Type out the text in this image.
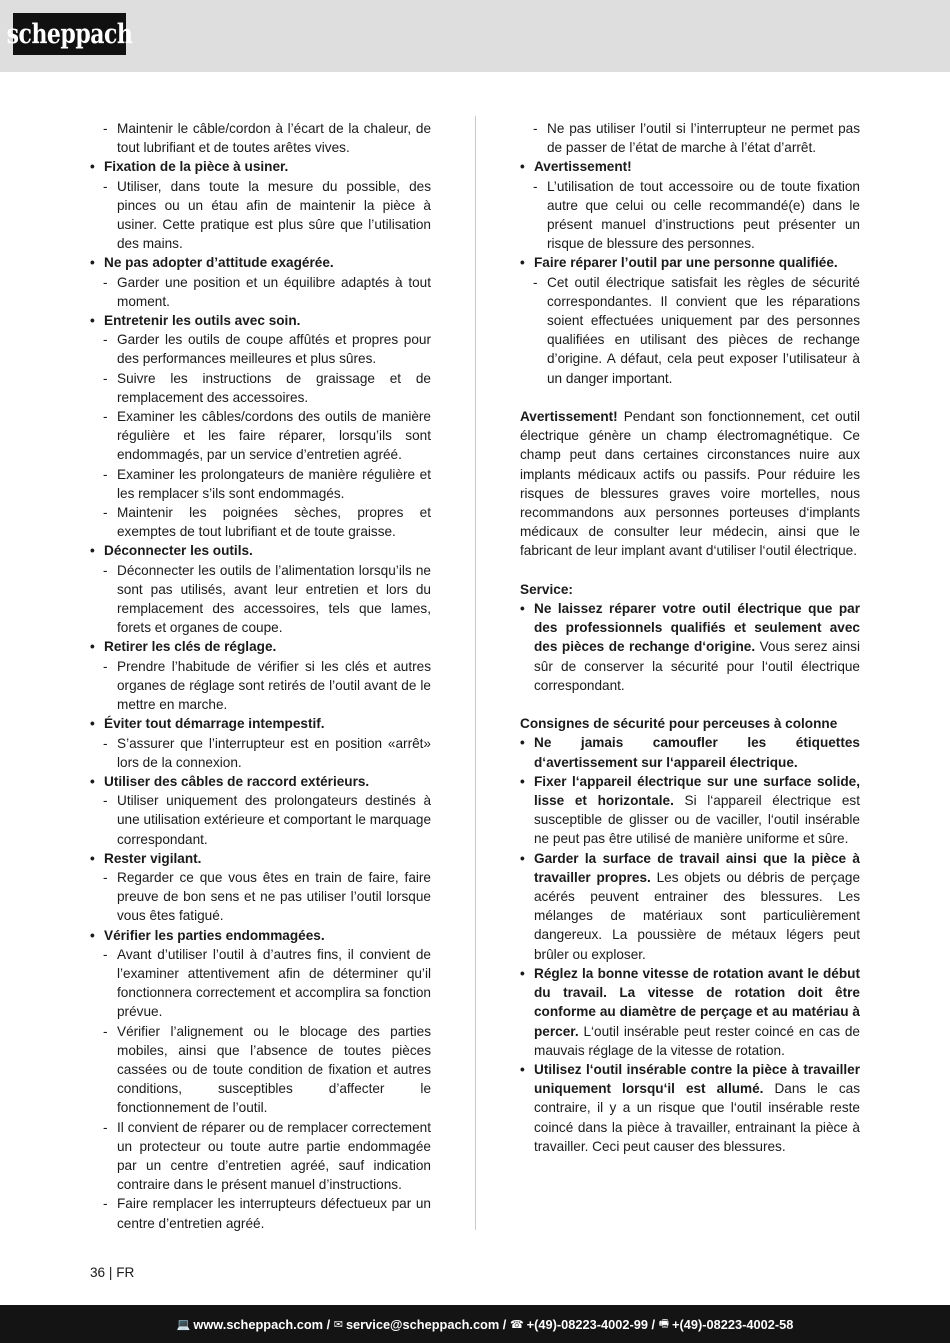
scheppach
- Maintenir le câble/cordon à l’écart de la chaleur, de tout lubrifiant et de toutes arêtes vives.
• Fixation de la pièce à usiner.
- Utiliser, dans toute la mesure du possible, des pinces ou un étau afin de maintenir la pièce à usiner. Cette pratique est plus sûre que l’utilisation des mains.
• Ne pas adopter d’attitude exagérée.
- Garder une position et un équilibre adaptés à tout moment.
• Entretenir les outils avec soin.
- Garder les outils de coupe affûtés et propres pour des performances meilleures et plus sûres.
- Suivre les instructions de graissage et de remplacement des accessoires.
- Examiner les câbles/cordons des outils de manière régulière et les faire réparer, lorsqu’ils sont endommagés, par un service d’entretien agréé.
- Examiner les prolongateurs de manière régulière et les remplacer s’ils sont endommagés.
- Maintenir les poignées sèches, propres et exemptes de tout lubrifiant et de toute graisse.
• Déconnecter les outils.
- Déconnecter les outils de l’alimentation lorsqu’ils ne sont pas utilisés, avant leur entretien et lors du remplacement des accessoires, tels que lames, forets et organes de coupe.
• Retirer les clés de réglage.
- Prendre l’habitude de vérifier si les clés et autres organes de réglage sont retirés de l’outil avant de le mettre en marche.
• Éviter tout démarrage intempestif.
- S’assurer que l’interrupteur est en position «arrêt» lors de la connexion.
• Utiliser des câbles de raccord extérieurs.
- Utiliser uniquement des prolongateurs destinés à une utilisation extérieure et comportant le marquage correspondant.
• Rester vigilant.
- Regarder ce que vous êtes en train de faire, faire preuve de bon sens et ne pas utiliser l’outil lorsque vous êtes fatigué.
• Vérifier les parties endommagées.
- Avant d’utiliser l’outil à d’autres fins, il convient de l’examiner attentivement afin de déterminer qu’il fonctionnera correctement et accomplira sa fonction prévue.
- Vérifier l’alignement ou le blocage des parties mobiles, ainsi que l’absence de toutes pièces cassées ou de toute condition de fixation et autres conditions, susceptibles d’affecter le fonctionnement de l’outil.
- Il convient de réparer ou de remplacer correctement un protecteur ou toute autre partie endommagée par un centre d’entretien agréé, sauf indication contraire dans le présent manuel d’instructions.
- Faire remplacer les interrupteurs défectueux par un centre d’entretien agréé.
- Ne pas utiliser l’outil si l’interrupteur ne permet pas de passer de l’état de marche à l’état d’arrêt.
• Avertissement!
- L’utilisation de tout accessoire ou de toute fixation autre que celui ou celle recommandé(e) dans le présent manuel d’instructions peut présenter un risque de blessure des personnes.
• Faire réparer l’outil par une personne qualifiée.
- Cet outil électrique satisfait les règles de sécurité correspondantes. Il convient que les réparations soient effectuées uniquement par des personnes qualifiées en utilisant des pièces de rechange d’origine. A défaut, cela peut exposer l’utilisateur à un danger important.
Avertissement! Pendant son fonctionnement, cet outil électrique génère un champ électromagnétique. Ce champ peut dans certaines circonstances nuire aux implants médicaux actifs ou passifs. Pour réduire les risques de blessures graves voire mortelles, nous recommandons aux personnes porteuses d‘implants médicaux de consulter leur médecin, ainsi que le fabricant de leur implant avant d‘utiliser l‘outil électrique.
Service:
• Ne laissez réparer votre outil électrique que par des professionnels qualifiés et seulement avec des pièces de rechange d‘origine. Vous serez ainsi sûr de conserver la sécurité pour l‘outil électrique correspondant.
Consignes de sécurité pour perceuses à colonne
• Ne jamais camoufler les étiquettes d‘avertissement sur l‘appareil électrique.
• Fixer l‘appareil électrique sur une surface solide, lisse et horizontale. Si l‘appareil électrique est susceptible de glisser ou de vaciller, l‘outil insérable ne peut pas être utilisé de manière uniforme et sûre.
• Garder la surface de travail ainsi que la pièce à travailler propres. Les objets ou débris de perçage acérés peuvent entrainer des blessures. Les mélanges de matériaux sont particulièrement dangereux. La poussière de métaux légers peut brûler ou exploser.
• Réglez la bonne vitesse de rotation avant le début du travail. La vitesse de rotation doit être conforme au diamètre de perçage et au matériau à percer. L‘outil insérable peut rester coincé en cas de mauvais réglage de la vitesse de rotation.
• Utilisez l‘outil insérable contre la pièce à travailler uniquement lorsqu‘il est allumé. Dans le cas contraire, il y a un risque que l‘outil insérable reste coincé dans la pièce à travailler, entrainant la pièce à travailler. Ceci peut causer des blessures.
36 | FR
💻 www.scheppach.com /
✉ service@scheppach.com /
☎ +(49)-08223-4002-99 /
🖷 +(49)-08223-4002-58
